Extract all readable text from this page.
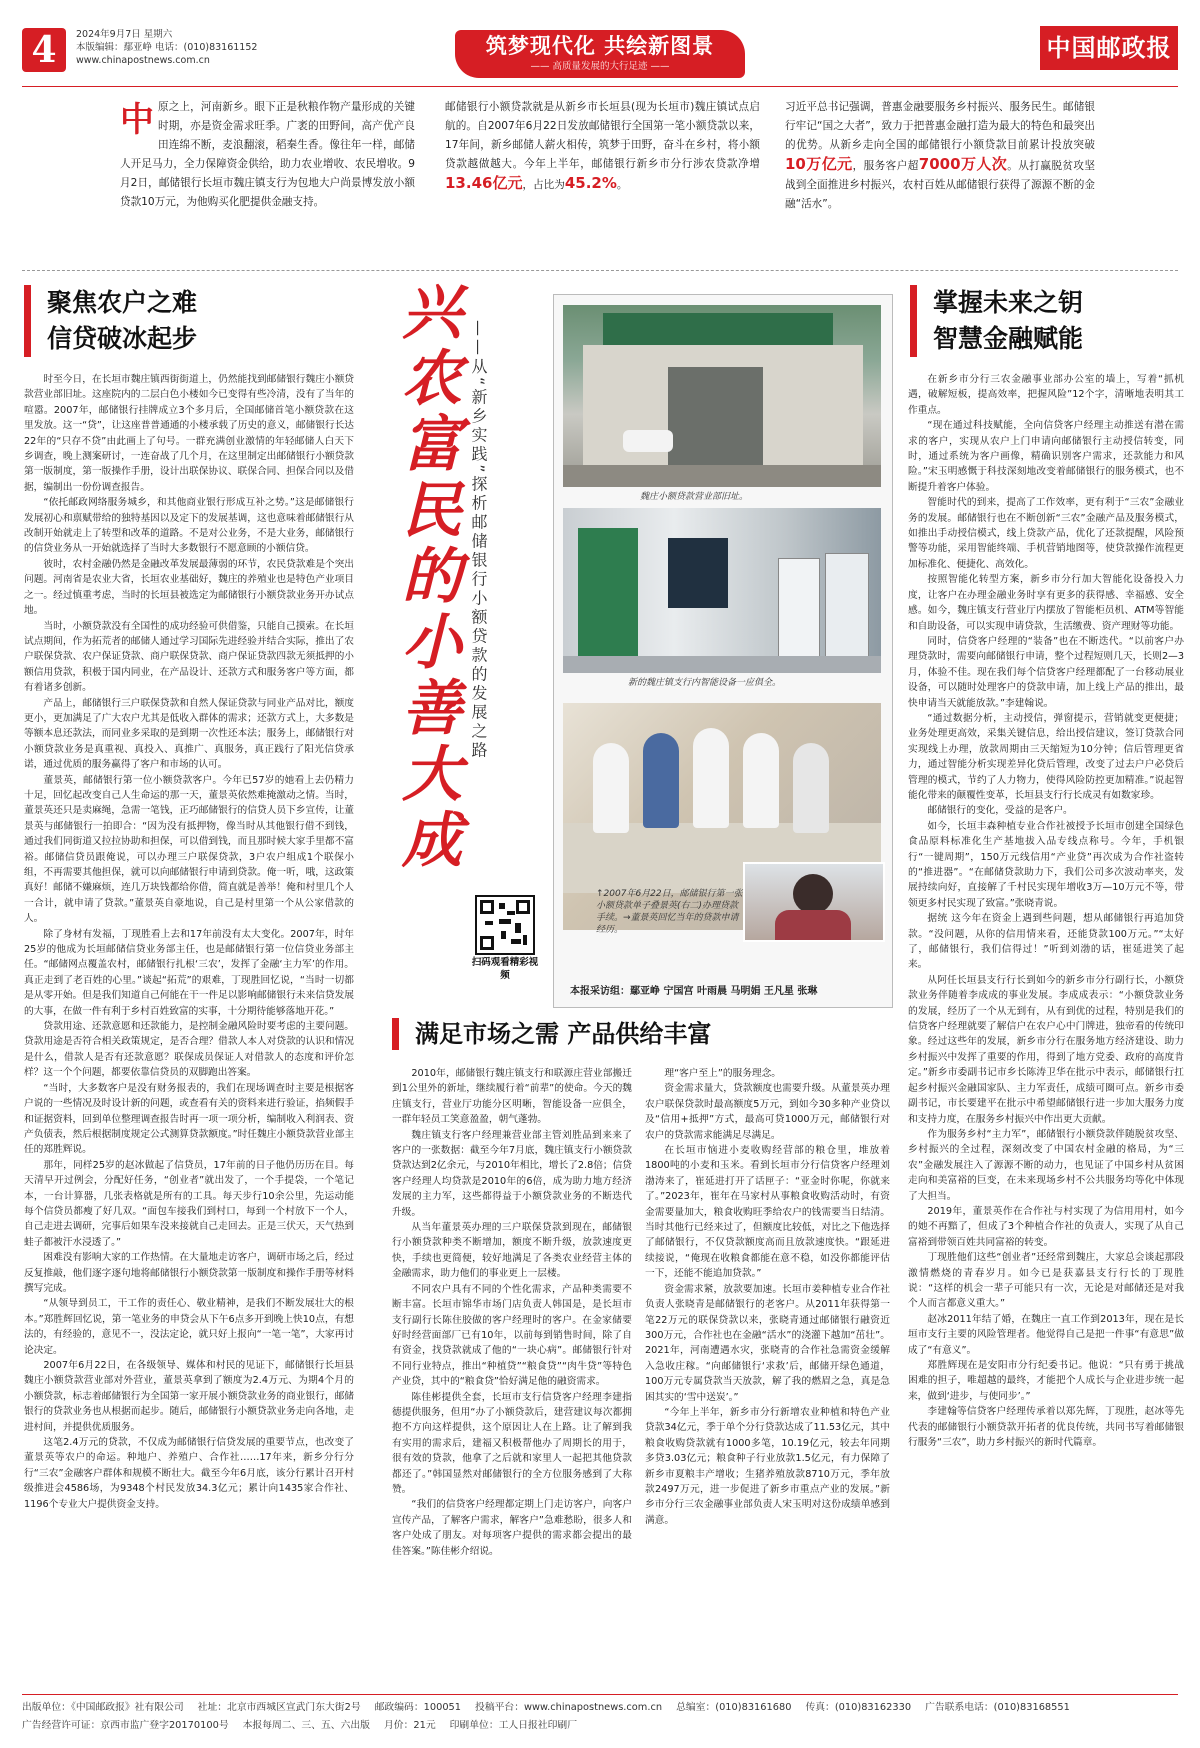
4	2024年9月7日 星期六
本版编辑：鄢亚峥 电话：(010)83161152
www.chinapostnews.com.cn
筑梦现代化 共绘新图景
—— 高质量发展的大行足迹 ——
中国邮政报
中原之上，河南新乡。眼下正是秋粮作物产量形成的关键时期，亦是资金需求旺季。广袤的田野间，高产优产良田连绵不断，麦浪翻滚，稻秦生香。像往年一样，邮储人开足马力，全力保障资金供给，助力农业增收、农民增收。9月2日，邮储银行长垣市魏庄镇支行为包地大户尚景博发放小额贷款10万元，为他购买化肥提供金融支持。
邮储银行小额贷款就是从新乡市长垣县(现为长垣市)魏庄镇试点启航的。自2007年6月22日发放邮储银行全国第一笔小额贷款以来，17年间，新乡邮储人薪火相传，筑梦于田野，奋斗在乡村，将小额贷款越做越大。今年上半年，邮储银行新乡市分行涉农贷款净增13.46亿元，占比为45.2%。
习近平总书记强调，普惠金融要服务乡村振兴、服务民生。邮储银行牢记“国之大者”，致力于把普惠金融打造为最大的特色和最突出的优势。从新乡走向全国的邮储银行小额贷款目前累计投放突破10万亿元，服务客户超7000万人次。从打赢脱贫攻坚战到全面推进乡村振兴，农村百姓从邮储银行获得了源源不断的金融“活水”。
聚焦农户之难
信贷破冰起步
掌握未来之钥
智慧金融赋能
满足市场之需 产品供给丰富

时至今日，在长垣市魏庄镇西街街道上，仍然能找到邮储银行魏庄小额贷款营业部旧址。这座院内的二层白色小楼如今已变得有些冷清，没有了当年的喧嚣。2007年，邮储银行挂牌成立3个多月后，全国邮储首笔小额贷款在这里发放。这一“贷”，让这座普普通通的小楼承载了历史的意义，邮储银行长达22年的“只存不贷”由此画上了句号。一群充满创业激情的年轻邮储人白天下乡调查，晚上测案研讨，一连奋战了几个月，在这里制定出邮储银行小额贷款第一版制度，第一版操作手册，设计出联保协议、联保合同、担保合同以及借据，编制出一份份调查报告。

“依托邮政网络服务城乡，和其他商业银行形成互补之势。”这是邮储银行发展初心和禀赋带给的独特基因以及定下的发展基调，这也意味着邮储银行从改制开始就走上了转型和改革的道路。不是对公业务，不是大业务，邮储银行的信贷业务从一开始就选择了当时大多数银行不愿意顾的小额信贷。

彼时，农村金融仍然是金融改革发展最薄弱的环节，农民贷款难是个突出问题。河南省是农业大省，长垣农业基础好，魏庄的养殖业也是特色产业项目之一。经过慎重考虑，当时的长垣县被选定为邮储银行小额贷款业务开办试点地。

当时，小额贷款没有全国性的成功经验可供借鉴，只能自己摸索。在长垣试点期间，作为拓荒者的邮储人通过学习国际先进经验并结合实际，推出了农户联保贷款、农户保证贷款、商户联保贷款、商户保证贷款四款无须抵押的小额信用贷款，积极于国内同业，在产品设计、还款方式和服务客户等方面，都有着诸多创新。

产品上，邮储银行三户联保贷款和自然人保证贷款与同业产品对比，额度更小，更加满足了广大农户尤其是低收入群体的需求；还款方式上，大多数是等额本息还款法，而同业多采取的是到期一次性还本法；服务上，邮储银行对小额贷款业务是真重视、真投入、真推广、真服务，真正践行了阳光信贷承诺，通过优质的服务赢得了客户和市场的认可。

董景英，邮储银行第一位小额贷款客户。今年已57岁的她看上去仍精力十足，回忆起改变自己人生命运的那一天，董景英依然难掩激动之情。当时，董景英还只是卖麻绳，急需一笔钱，正巧邮储银行的信贷人员下乡宣传，让董景英与邮储银行一拍即合：“因为没有抵押物，像当时从其他银行借不到钱，通过我们同街道又拉拉协助和担保，可以借到钱，而且那时候大家手里都不富裕。邮储信贷员跟俺说，可以办理三户联保贷款，3户农户组成1个联保小组，不再需要其他担保，就可以向邮储银行申请到贷款。俺一听，哦，这政策真好！邮储不嫌麻烦，连几万块钱都给你借，简直就是善举！俺和村里几个人一合计，就申请了贷款。”董景英自豪地说，自己是村里第一个从公家借款的人。

除了身材有发福，丁现胜看上去和17年前没有太大变化。2007年，时年25岁的他成为长垣邮储信贷业务部主任，也是邮储银行第一位信贷业务部主任。“邮储网点覆盖农村，邮储银行扎根‘三农’，发挥了金融‘主力军’的作用。真正走到了老百姓的心里。”谈起“拓荒”的艰难，丁现胜回忆说，“当时一切都是从零开始。但是我们知道自己何能在干一件足以影响邮储银行未来信贷发展的大事，在做一件有利于乡村百姓致富的实事，十分期待能够落地开花。”

贷款用途、还款意愿和还款能力，是控制金融风险时要考虑的主要问题。贷款用途是否符合相关政策规定，是否合理？借款人本人对贷款的认识和情况是什么，借款人是否有还款意愿？联保成员保证人对借款人的态度和评价怎样？这一个个问题，都要依靠信贷员的双脚跑出答案。

“当时，大多数客户是没有财务报表的，我们在现场调查时主要是根据客户说的一些情况及时设计新的问题，或查看有关的资料来进行验证，掐频假手和证据资料，回到单位整理调查报告时再一项一项分析，编制收入利润表、资产负债表，然后根据制度规定公式测算贷款额度。”时任魏庄小额贷款营业部主任的郑胜辉说。

那年，同样25岁的赵冰做起了信贷员，17年前的日子他仍历历在目。每天清早开过例会，分配好任务，“创业者”就出发了，一个手提袋，一个笔记本，一台计算器，几张表格就是所有的工具。每天步行10余公里，先运动能每个信贷员都瘦了好几双。“面包车接我们到村口，每到一个村放下一个人，自己走进去调研，完事后如果车没来接就自己走回去。正是三伏天，天气热到蛙子都被汗水浸透了。”

困难没有影响大家的工作热情。在大量地走访客户，调研市场之后，经过反复推敲，他们逐字逐句地将邮储银行小额贷款第一版制度和操作手册等材料撰写完成。

“从领导到员工，干工作的责任心、敬业精神，是我们不断发展壮大的根本。”郑胜辉回忆说，第一笔业务的申贷会从下午6点多开到晚上快10点，有想法的，有经验的，意见不一，没法定论，就只好上报向“一笔一笔”，大家再讨论决定。

2007年6月22日，在各级领导、媒体和村民的见证下，邮储银行长垣县魏庄小额贷款营业部对外营业，董景英拿到了额度为2.4万元、为期4个月的小额贷款，标志着邮储银行为全国第一家开展小额贷款业务的商业银行，邮储银行的贷款业务也从根据而起步。随后，邮储银行小额贷款业务走向各地，走进村间，并提供优质服务。

这笔2.4万元的贷款，不仅成为邮储银行信贷发展的重要节点，也改变了董景英等农户的命运。种地户、养殖户、合作社……17年来，新乡分行分行“三农”金融客户群体和规模不断壮大。截至今年6月底，该分行累计召开村级推进会4586场，为9348个村民发放34.3亿元；累计向1435家合作社、1196个专业大户提供资金支持。

在新乡市分行三农金融事业部办公室的墙上，写着“抓机遇，破解短板，提高效率，把握风险”12个字，清晰地表明其工作重点。

“现在通过科技赋能，全向信贷客户经理主动推送有潜在需求的客户，实现从农户上门申请向邮储银行主动授信转变，同时，通过系统为客户画像，精确识别客户需求，还款能力和风险。”宋玉明感慨于科技深刻地改变着邮储银行的服务模式，也不断提升着客户体验。

智能时代的到来，提高了工作效率，更有利于“三农”金融业务的发展。邮储银行也在不断创新“三农”金融产品及服务模式，如推出手动授信模式，线上贷款产品，优化了还款提醒，风险预警等功能，采用智能终端、手机营销地图等，使贷款操作流程更加标准化、便捷化、高效化。

按照智能化转型方案，新乡市分行加大智能化设备投入力度，让客户在办理金融业务时享有更多的获得感、幸福感、安全感。如今，魏庄镇支行营业厅内摆放了智能柜员机、ATM等智能和自助设备，可以实现申请贷款，生活缴费、资产理财等功能。

同时，信贷客户经理的“装备”也在不断迭代。“以前客户办理贷款时，需要向邮储银行申请，整个过程短则几天，长则2—3月，体验不佳。现在我们每个信贷客户经理都配了一台移动展业设备，可以随时处理客户的贷款申请，加上线上产品的推出，最快申请当天就能放款。”李建翰说。

“通过数据分析，主动授信，弹窗提示，营销就变更便捷；业务处理更高效，采集关键信息，给出授信建议，签订贷款合同实现线上办理，放款周期由三天缩短为10分钟；信后管理更省力，通过智能分析实现差异化贷后管理，改变了过去户户必贷后管理的模式，节约了人力物力，使得风险防控更加精准。”说起智能化带来的颠覆性变革，长垣县支行行长成灵有如数家珍。

邮储银行的变化，受益的是客户。

如今，长垣丰森种植专业合作社被授予长垣市创建全国绿色食品原料标准化生产基地拔入品专线点称号。今年，手机银行“一键周期”，150万元线信用“产业贷”再次成为合作社盗转的“推进器”。“在邮储贷款助力下，我们公司多次波动率夹，发展持续向好，直接解了千村民实现年增收3万—10万元不等，带领更多村民实现了致富。”张晓青说。

据统 这今年在资金上遇到些问题，想从邮储银行再追加贷款。“没问题，从你的信用情来看，还能贷款100万元。”“太好了，邮储银行，我们信得过！”听到刘渤的话，崔延进笑了起来。

从阿任长垣县支行行长到如今的新乡市分行副行长，小额贷款业务伴随着李成成的事业发展。李成成表示：“小额贷款业务的发展，经历了一个从无到有，从有到优的过程，特别是我们的信贷客户经理就要了解信户在农户心中门牌进，独帝看的传统印象。经过这些年的发展，新乡市分行在服务地方经济建设、助力乡村振兴中发挥了重要的作用，得到了地方党委、政府的高度肯定。”新乡市委副书记市乡长陈涛卫华在批示中表示，邮储银行扛起乡村振兴金融国家队、主力军责任，成绩可圈可点。新乡市委副书记，市长要建平在批示中希望邮储银行进一步加大服务力度和支持力度，在服务乡村振兴中作出更大贡献。

作为服务乡村“主力军”，邮储银行小额贷款伴随脱贫攻坚、乡村振兴的全过程，深刻改变了中国农村金融的格局，为“三农”金融发展注入了源源不断的动力，也见证了中国乡村从贫困走向和美富裕的巨变，在未来现场乡村不公共服务均等化中体现了大担当。

2019年，董景英作在合作社与村实现了为信用用村，如今的她不再黯了，但成了3个种植合作社的负责人，实现了从自己富裕到带领百姓共同富裕的转变。

丁现胜他们这些“创业者”还经常到魏庄，大家总会谈起那段激情燃烧的青春岁月。如今已是获嘉县支行行长的丁现胜说：“这样的机会一辈子可能只有一次，无论是对邮储还是对我个人而言都意义重大。”

赵冰2011年结了婚，在魏庄一直工作到2013年，现在是长垣市支行主要的风险管理者。他觉得自己是把一件事“有意思”做成了“有意义”。

郑胜辉现在是安阳市分行纪委书记。他说：“只有勇于挑战困难的担子，唯超越的最终，才能把个人成长与企业进步统一起来，做到‘进步，与使同步’。”

李建翰等信贷客户经理传承着以郑先辉，丁现胜，赵冰等先代表的邮储银行小额贷款开拓者的优良传统，共同书写着邮储银行服务“三农”，助力乡村振兴的新时代篇章。

2010年，邮储银行魏庄镇支行和联源庄营业部搬迁到1公里外的新址，继续履行着“前辈”的使命。今天的魏庄镇支行，营业厅功能分区明晰，智能设备一应俱全，一群年轻员工笑意盈盈，朝气蓬勃。

魏庄镇支行客户经理兼营业部主管刘胜品到来来了客户的一张数据：截至今年7月底，魏庄镇支行小额贷款贷款达到2亿余元，与2010年相比，增长了2.8倍；信贷客户经理人均贷款是2010年的6倍，成为助力地方经济发展的主力军，这些都得益于小额贷款业务的不断迭代升级。

从当年董景英办理的三户联保贷款到现在，邮储银行小额贷款种类不断增加，额度不断升级，放款速度更快，手续也更简便，较好地满足了各类农业经营主体的金融需求，助力他们的事业更上一层楼。

不同农户具有不同的个性化需求，产品种类需要不断丰富。长垣市锦华市场门店负责人韩国是，是长垣市支行副行长陈住胶做的客户经理时的客户。在金家储要好时经营面部厂已有10年，以前每到销售时间，除了自有资金，找贷款就成了他的“一块心病”。邮储银行针对不同行业特点，推出“种植贷”“粮食贷”“肉牛贷”等特色产业贷，其中的“粮食贷”恰好满足他的融资需求。

陈佳彬提供全套，长垣市支行信贷客户经理李建指德提供服务，但用“办了小额贷款后，建营建议每次都拥抱不方向这样提供，这个原因让人在上路。让了解到我有实用的需求后，建福又积极帮他办了周期长的用于，很有效的贷款，他拿了之后就和家里人一起把其他贷款都还了。”韩国显然对邮储银行的全方位服务感到了大称赞。

“我们的信贷客户经理都定期上门走访客户，向客户宣传产品，了解客户需求，解客户”急难愁盼，很多人和客户处成了朋友。对每项客户提供的需求都会提出的最佳答案。”陈佳彬介绍说。

理“客户至上”的服务理念。

资金需求量大，贷款额度也需要升级。从董景英办理农户联保贷款时最高额度5万元，到如今30多种产业贷以及“信用+抵押”方式，最高可贷1000万元，邮储银行对农户的贷款需求能满足尽满足。

在长垣市恼进小麦收购经营部的粮仓里，堆放着1800吨的小麦和玉米。看到长垣市分行信贷客户经理刘渤涛来了，崔延进打开了话匣子：“亚金时你呢，你就来了。”2023年，崔年在马家村从事粮食收购活动时，有资金需要量加大，粮食收购旺季给农户的钱需要当日结清。当时其他行已经来过了，但额度比较低，对比之下他选择了邮储银行，不仅贷款额度高而且放款速度快。“跟延进续接说，“俺现在收粮食都能在意不稳，如没你都能评估一下，还能不能追加贷款。”

资金需求紧，放款要加速。长垣市姜种植专业合作社负责人张晓青是邮储银行的老客户。从2011年获得第一笔22万元的联保贷款以来，张晓青通过邮储银行融资近300万元，合作社也在金融“活水”的浇灌下越加“茁壮”。2021年，河南遭遇水灾，张晓青的合作社急需资金缓解入急收庄稼。“向邮储银行‘求救’后，邮储开绿色通道，100万元专属贷款当天放款，解了我的燃眉之急，真是急困其实的‘雪中送炭’。”

“今年上半年，新乡市分行新增农业种植和特色产业贷款34亿元，季于单个分行贷款达成了11.53亿元，其中粮食收购贷款就有1000多笔，10.19亿元，较去年同期多贷3.03亿元；粮食种子行业放款1.5亿元，有力保障了新乡市夏粮丰产增收；生猪养殖放款8710万元，季年放款2497万元，进一步促进了新乡市重点产业的发展。”新乡市分行三农金融事业部负责人宋玉明对这份成绩单感到满意。

兴农富民的小善大成 ——从“新乡实践”探析邮储银行小额贷款的发展之路
扫码观看精彩视频
魏庄小额贷款营业部旧址。
新的魏庄镇支行内智能设备一应俱全。
↑2007年6月22日，邮储银行第一张小额贷款单子叠景英(右二)办理贷款手续。→董景英回忆当年的贷款申请经历。
本报采访组：鄢亚峥 宁国宫 叶雨晨 马明娟 王凡星 张琳
出版单位：《中国邮政报》社有限公司 社址：北京市西城区宣武门东大街2号 邮政编码：100051 投稿平台：www.chinapostnews.com.cn 总编室：(010)83161680 传真：(010)83162330 广告联系电话：(010)83168551
广告经营许可证：京西市监广登字20170100号 本报每周二、三、五、六出版 月价：21元 印刷单位：工人日报社印刷厂
